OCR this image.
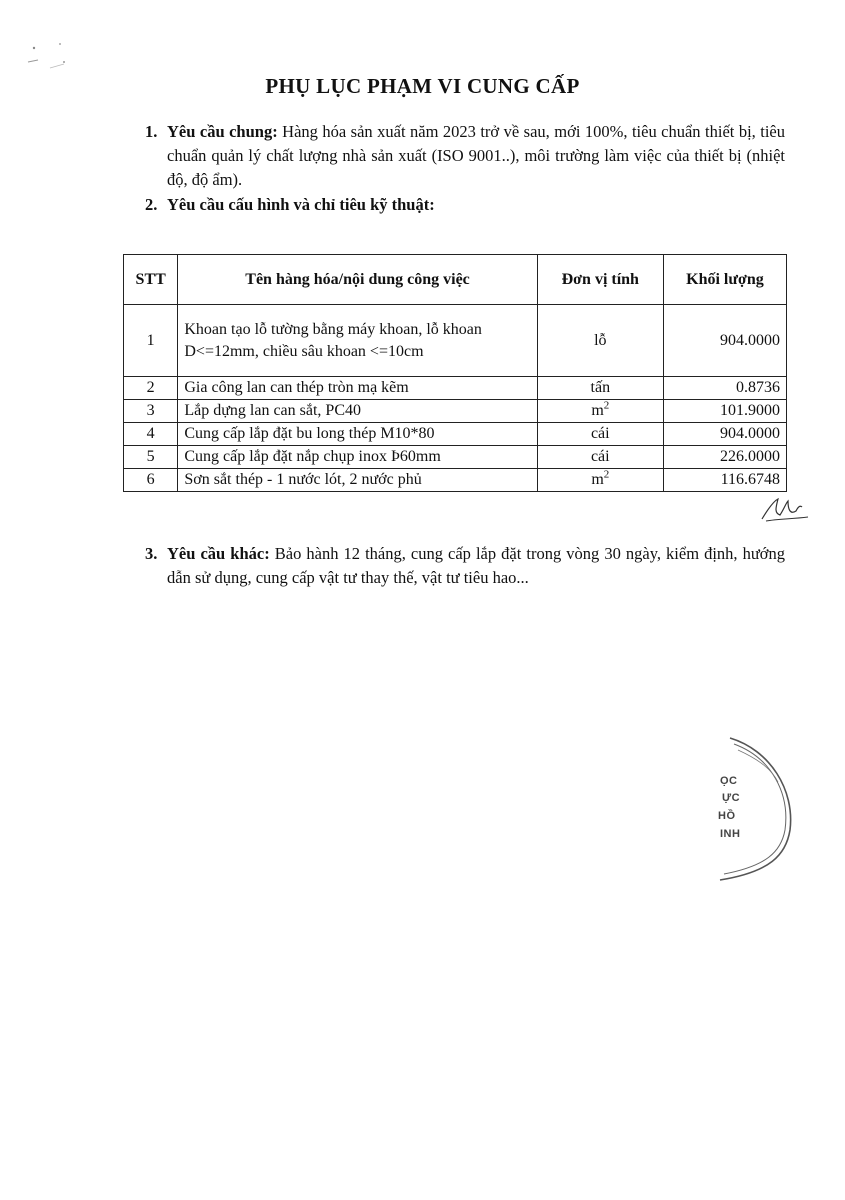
PHỤ LỤC PHẠM VI CUNG CẤP
1. Yêu cầu chung: Hàng hóa sản xuất năm 2023 trở về sau, mới 100%, tiêu chuẩn thiết bị, tiêu chuẩn quản lý chất lượng nhà sản xuất (ISO 9001..), môi trường làm việc của thiết bị (nhiệt độ, độ ẩm).
2. Yêu cầu cấu hình và chỉ tiêu kỹ thuật:
STT	Tên hàng hóa/nội dung công việc	Đơn vị tính	Khối lượng
1	Khoan tạo lỗ tường bằng máy khoan, lỗ khoan
D<=12mm, chiều sâu khoan <=10cm	lỗ	904.0000
2	Gia công lan can thép tròn mạ kẽm	tấn	0.8736
3	Lắp dựng lan can sắt, PC40	$m^2$	101.9000
4	Cung cấp lắp đặt bu long thép M10*80	cái	904.0000
5	Cung cấp lắp đặt nắp chụp inox Þ60mm	cái	226.0000
6	Sơn sắt thép - 1 nước lót, 2 nước phủ	$m^2$	116.6748
3. Yêu cầu khác: Bảo hành 12 tháng, cung cấp lắp đặt trong vòng 30 ngày, kiểm định, hướng dẫn sử dụng, cung cấp vật tư thay thế, vật tư tiêu hao...
ỌC
ỰC
HỒ
INH
